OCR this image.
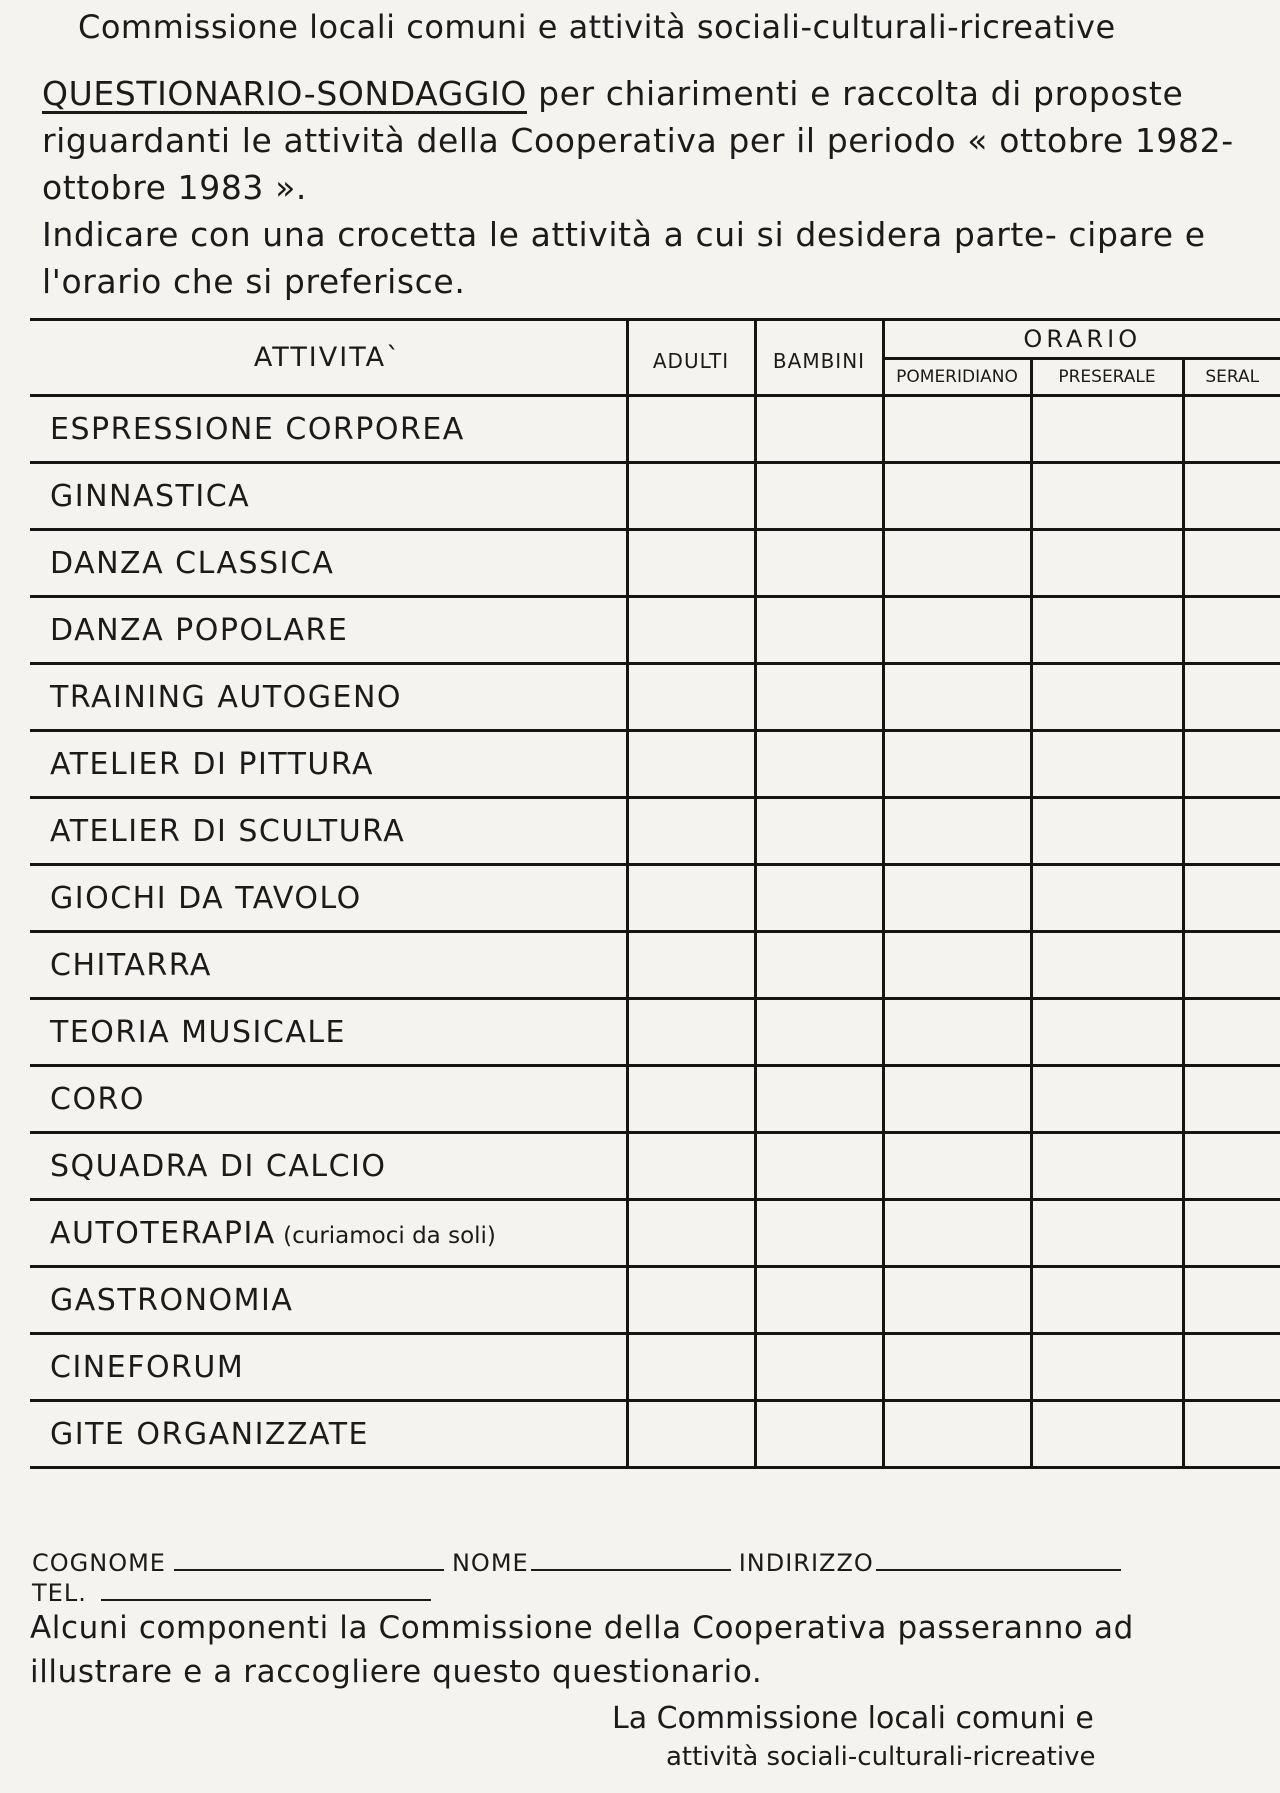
Commissione locali comuni e attività sociali-culturali-ricreative

QUESTIONARIO-SONDAGGIO per chiarimenti e raccolta di proposte riguardanti le attività della Cooperativa per il periodo « ottobre 1982- ottobre 1983 ».

Indicare con una crocetta le attività a cui si desidera parte- cipare e l'orario che si preferisce.

ATTIVITA`	ADULTI	BAMBINI	ORARIO		
			POMERIDIANO	PRESERALE	SERAL
ESPRESSIONE CORPOREA					
GINNASTICA					
DANZA CLASSICA					
DANZA POPOLARE					
TRAINING AUTOGENO					
ATELIER DI PITTURA					
ATELIER DI SCULTURA					
GIOCHI DA TAVOLO					
CHITARRA					
TEORIA MUSICALE					
CORO					
SQUADRA DI CALCIO					
AUTOTERAPIA (curiamoci da soli)					
GASTRONOMIA					
CINEFORUM					
GITE ORGANIZZATE					
COGNOME	NOME	INDIRIZZO
TEL.

Alcuni componenti la Commissione della Cooperativa passeranno ad

illustrare e a raccogliere questo questionario.

La Commissione locali comuni e
attività sociali-culturali-ricreative
